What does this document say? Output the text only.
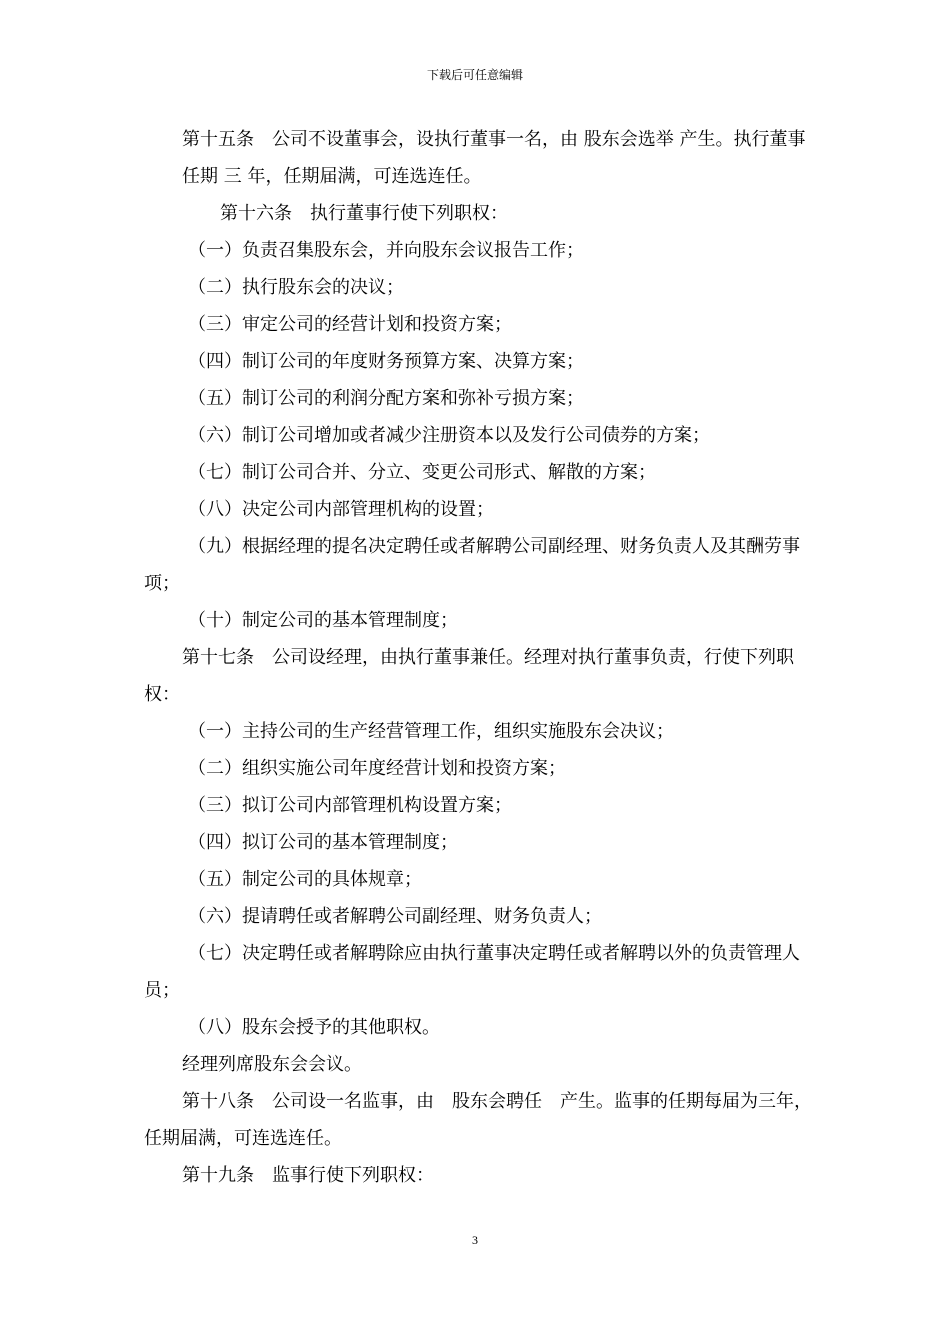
下载后可任意编辑

第十五条　公司不设董事会，设执行董事一名，由 股东会选举 产生。执行董事任期 三 年，任期届满，可连选连任。

第十六条　执行董事行使下列职权：

（一）负责召集股东会，并向股东会议报告工作；

（二）执行股东会的决议；

（三）审定公司的经营计划和投资方案；

（四）制订公司的年度财务预算方案、决算方案；

（五）制订公司的利润分配方案和弥补亏损方案；

（六）制订公司增加或者减少注册资本以及发行公司债券的方案；

（七）制订公司合并、分立、变更公司形式、解散的方案；

（八）决定公司内部管理机构的设置；

（九）根据经理的提名决定聘任或者解聘公司副经理、财务负责人及其酬劳事项；

（十）制定公司的基本管理制度；

第十七条　公司设经理，由执行董事兼任。经理对执行董事负责，行使下列职权：

（一）主持公司的生产经营管理工作，组织实施股东会决议；

（二）组织实施公司年度经营计划和投资方案；

（三）拟订公司内部管理机构设置方案；

（四）拟订公司的基本管理制度；

（五）制定公司的具体规章；

（六）提请聘任或者解聘公司副经理、财务负责人；

（七）决定聘任或者解聘除应由执行董事决定聘任或者解聘以外的负责管理人员；

（八）股东会授予的其他职权。

经理列席股东会会议。

第十八条　公司设一名监事，由　股东会聘任　产生。监事的任期每届为三年，任期届满，可连选连任。

第十九条　监事行使下列职权：

3
